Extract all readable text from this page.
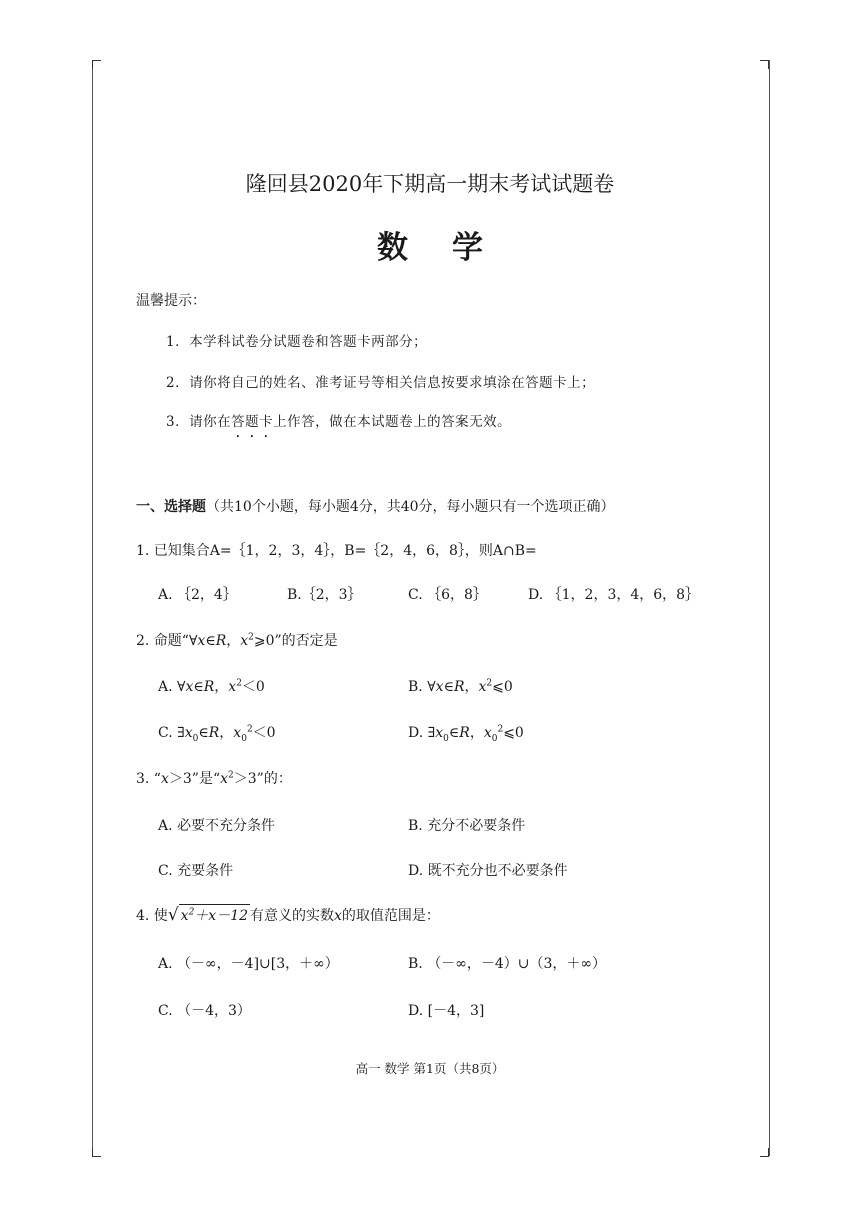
隆回县2020年下期高一期末考试试题卷
数学
温馨提示：
1．本学科试卷分试题卷和答题卡两部分；
2．请你将自己的姓名、准考证号等相关信息按要求填涂在答题卡上；
3．请你在答题卡上作答，做在本试题卷上的答案无效。
一、选择题（共10个小题，每小题4分，共40分，每小题只有一个选项正确）
1. 已知集合A=｛1，2，3，4｝，B=｛2，4，6，8｝，则A∩B=
A. ｛2，4｝	B.｛2，3｝	C. ｛6，8｝	D. ｛1，2，3，4，6，8｝
2. 命题“∀x∈R，$x^2⩾0$”的否定是
A. ∀x∈R，$x^2<0$	B. ∀x∈R，$x^2⩽0$
C. $\exists x_0\in R$，$x_0^2<0$	D. $\exists x_0\in R$，$x_0^2⩽0$
3. “x＞3”是“$x^2>3$”的：
A. 必要不充分条件	B. 充分不必要条件
C. 充要条件	D. 既不充分也不必要条件
4. 使√ $x^2+x-12$ 有意义的实数x的取值范围是：
A. （－∞，－4]∪[3，＋∞）	B. （－∞，－4）∪（3，＋∞）
C. （－4，3）	D. [－4，3]
高一 数学 第1页（共8页）
